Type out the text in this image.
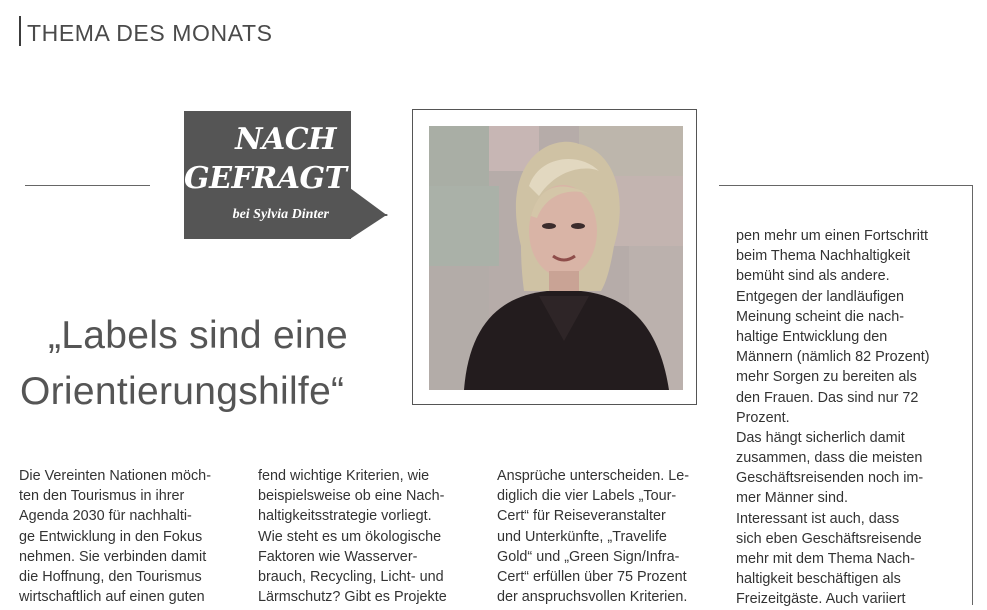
THEMA DES MONATS
NACH
GEFRAGT
bei Sylvia Dinter
„Labels sind eine
Orientierungshilfe“
Die Vereinten Nationen möch-
ten den Tourismus in ihrer
Agenda 2030 für nachhalti-
ge Entwicklung in den Fokus
nehmen. Sie verbinden damit
die Hoffnung, den Tourismus
wirtschaftlich auf einen guten
fend wichtige Kriterien, wie
beispielsweise ob eine Nach-
haltigkeitsstrategie vorliegt.
Wie steht es um ökologische
Faktoren wie Wasserver-
brauch, Recycling, Licht- und
Lärmschutz? Gibt es Projekte
Ansprüche unterscheiden. Le-
diglich die vier Labels „Tour-
Cert“ für Reiseveranstalter
und Unterkünfte, „Travelife
Gold“ und „Green Sign/Infra-
Cert“ erfüllen über 75 Prozent
der anspruchsvollen Kriterien.
pen mehr um einen Fortschritt
beim Thema Nachhaltigkeit
bemüht sind als andere.
Entgegen der landläufigen
Meinung scheint die nach-
haltige Entwicklung den
Männern (nämlich 82 Prozent)
mehr Sorgen zu bereiten als
den Frauen. Das sind nur 72
Prozent.
Das hängt sicherlich damit
zusammen, dass die meisten
Geschäftsreisenden noch im-
mer Männer sind.
Interessant ist auch, dass
sich eben Geschäftsreisende
mehr mit dem Thema Nach-
haltigkeit beschäftigen als
Freizeitgäste. Auch variiert
